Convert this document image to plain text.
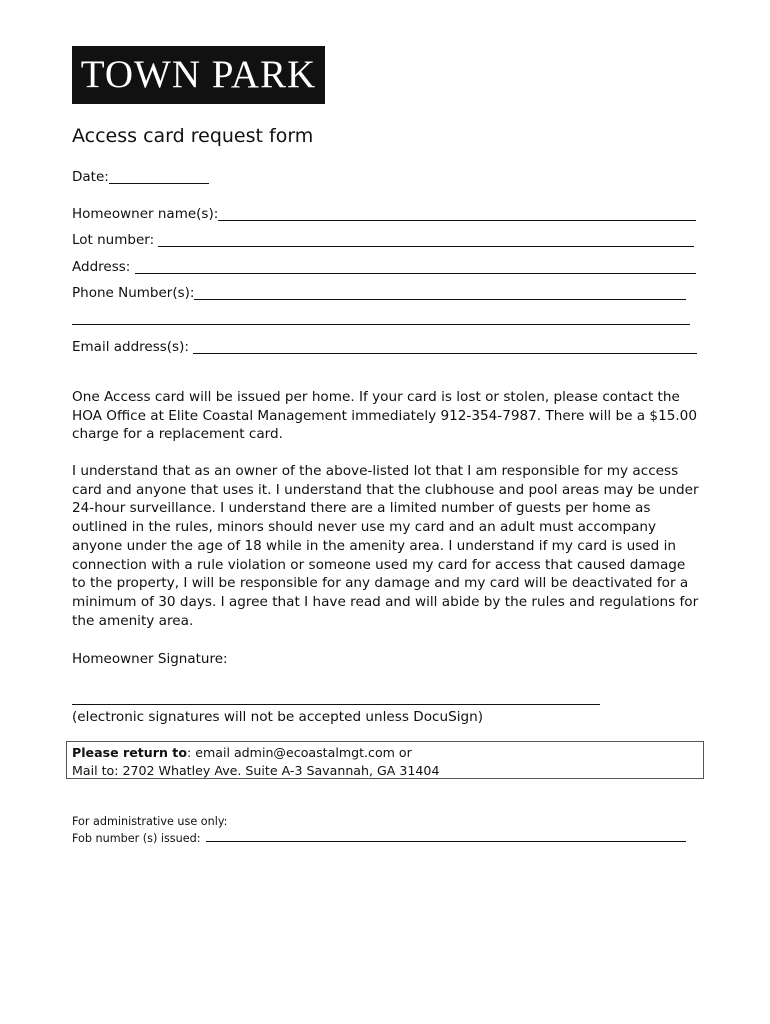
TOWN PARK
Access card request form
Date:
Homeowner name(s):
Lot number:
Address:
Phone Number(s):
Email address(s):

One Access card will be issued per home. If your card is lost or stolen, please contact the HOA Office at Elite Coastal Management immediately 912-354-7987. There will be a $15.00 charge for a replacement card.

I understand that as an owner of the above-listed lot that I am responsible for my access card and anyone that uses it. I understand that the clubhouse and pool areas may be under 24-hour surveillance. I understand there are a limited number of guests per home as outlined in the rules, minors should never use my card and an adult must accompany anyone under the age of 18 while in the amenity area. I understand if my card is used in connection with a rule violation or someone used my card for access that caused damage to the property, I will be responsible for any damage and my card will be deactivated for a minimum of 30 days. I agree that I have read and will abide by the rules and regulations for the amenity area.

Homeowner Signature:
(electronic signatures will not be accepted unless DocuSign)
Please return to: email admin@ecoastalmgt.com or
Mail to: 2702 Whatley Ave. Suite A-3 Savannah, GA 31404
For administrative use only:
Fob number (s) issued:
